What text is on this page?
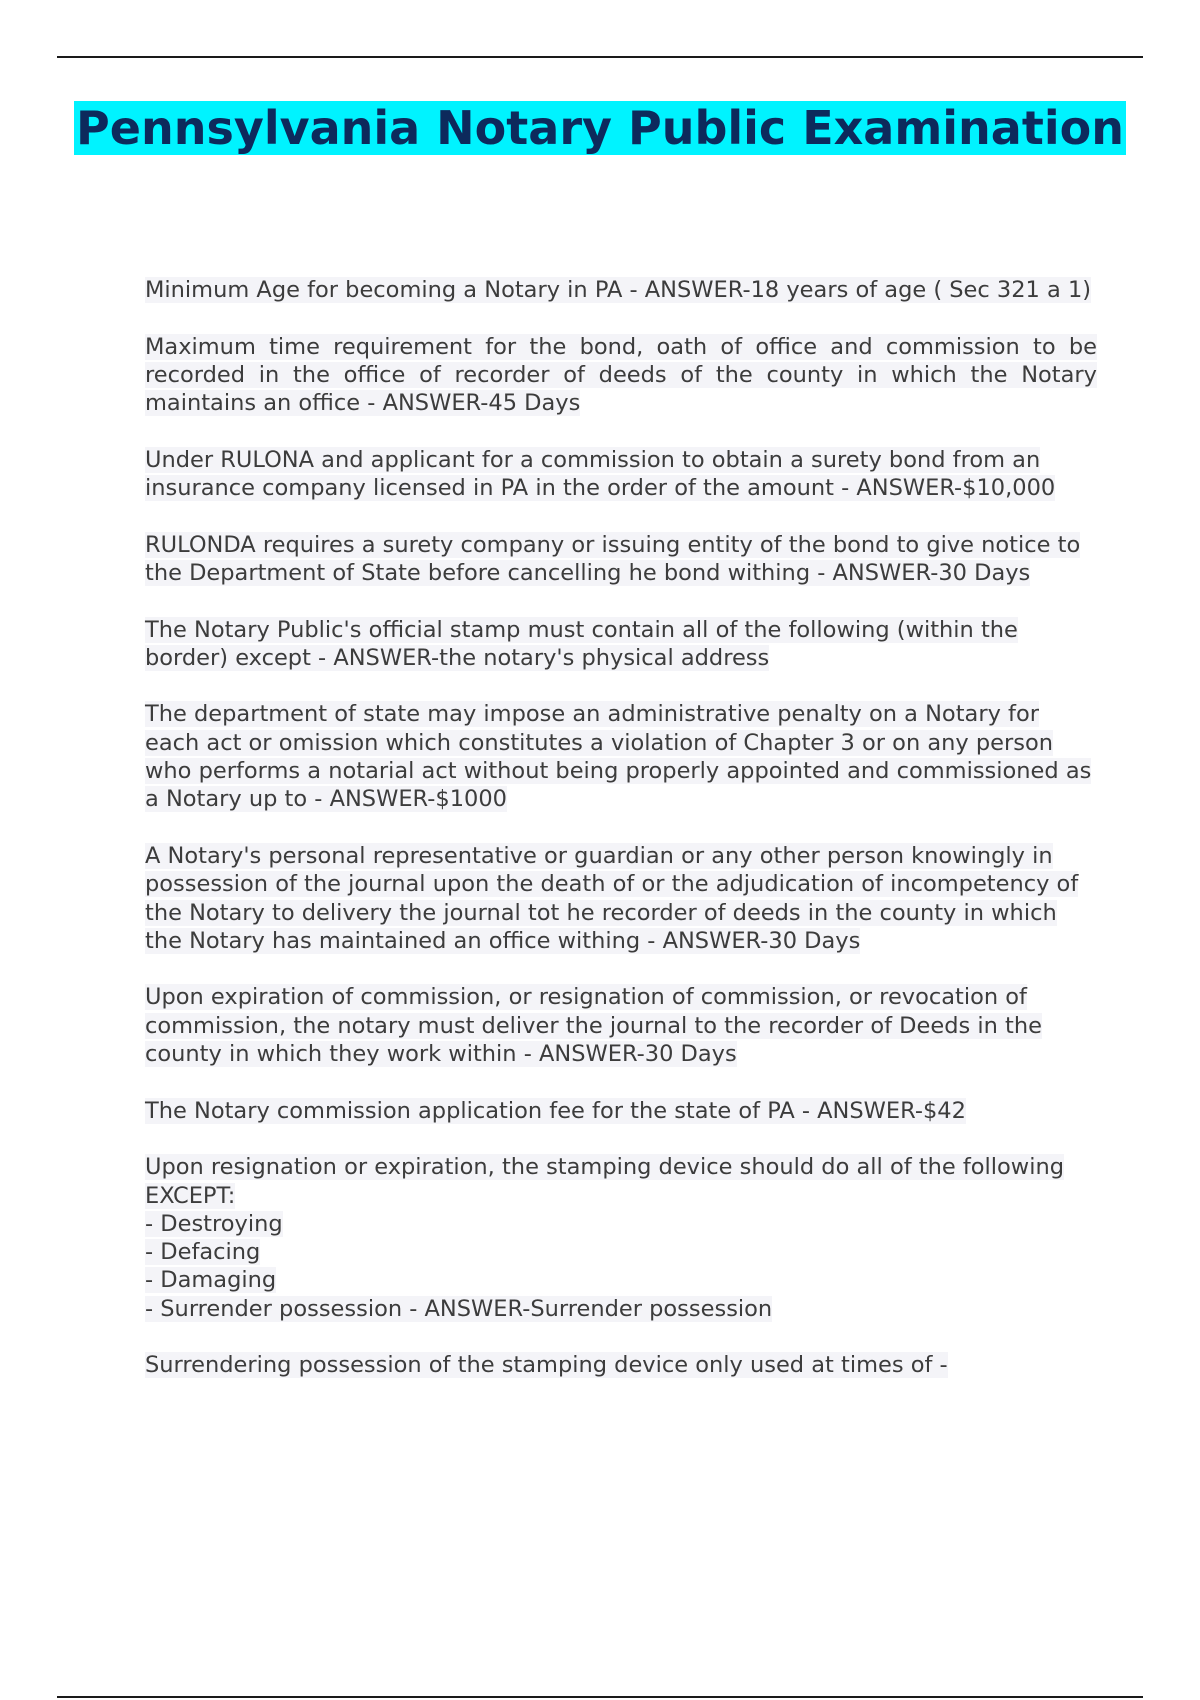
Pennsylvania Notary Public Examination

Minimum Age for becoming a Notary in PA - ANSWER-18 years of age ( Sec 321 a 1)

Maximum time requirement for the bond, oath of office and commission to be recorded in the office of recorder of deeds of the county in which the Notary maintains an office - ANSWER-45 Days

Under RULONA and applicant for a commission to obtain a surety bond from an insurance company licensed in PA in the order of the amount - ANSWER-$10,000

RULONDA requires a surety company or issuing entity of the bond to give notice to the Department of State before cancelling he bond withing - ANSWER-30 Days

The Notary Public's official stamp must contain all of the following (within the border) except - ANSWER-the notary's physical address

The department of state may impose an administrative penalty on a Notary for each act or omission which constitutes a violation of Chapter 3 or on any person who performs a notarial act without being properly appointed and commissioned as a Notary up to - ANSWER-$1000

A Notary's personal representative or guardian or any other person knowingly in possession of the journal upon the death of or the adjudication of incompetency of the Notary to delivery the journal tot he recorder of deeds in the county in which the Notary has maintained an office withing - ANSWER-30 Days

Upon expiration of commission, or resignation of commission, or revocation of commission, the notary must deliver the journal to the recorder of Deeds in the county in which they work within - ANSWER-30 Days

The Notary commission application fee for the state of PA - ANSWER-$42

Upon resignation or expiration, the stamping device should do all of the following EXCEPT:
- Destroying
- Defacing
- Damaging
- Surrender possession - ANSWER-Surrender possession

Surrendering possession of the stamping device only used at times of -
